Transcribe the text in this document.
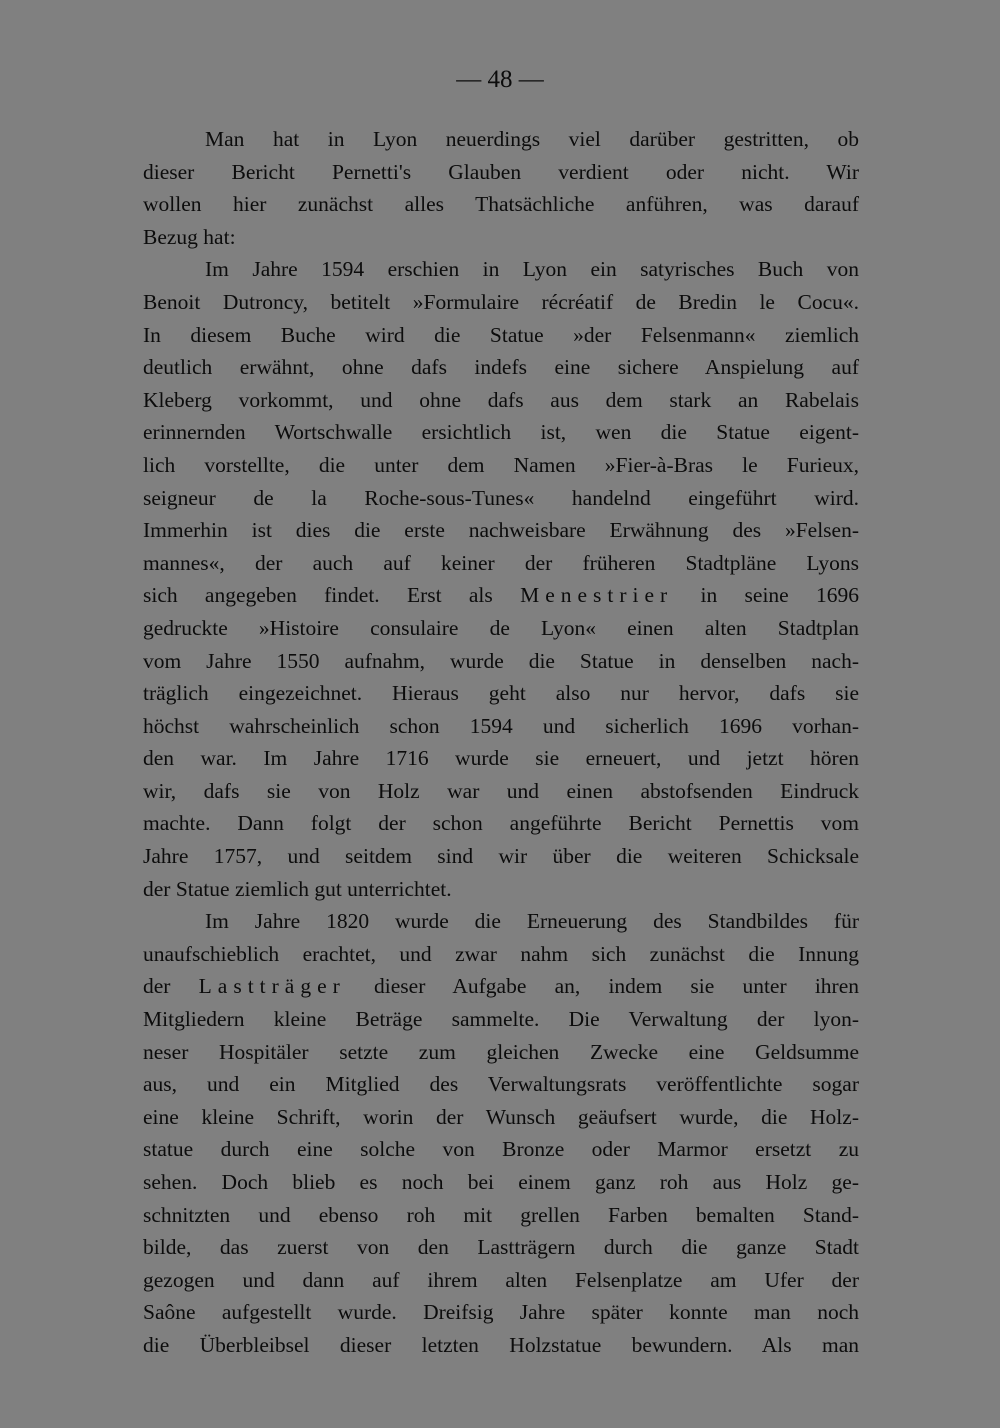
— 48 —
Man hat in Lyon neuerdings viel darüber gestritten, ob
dieser Bericht Pernetti's Glauben verdient oder nicht. Wir
wollen hier zunächst alles Thatsächliche anführen, was darauf
Bezug hat:
Im Jahre 1594 erschien in Lyon ein satyrisches Buch von
Benoit Dutroncy, betitelt »Formulaire récréatif de Bredin le Cocu«.
In diesem Buche wird die Statue »der Felsenmann« ziemlich
deutlich erwähnt, ohne dafs indefs eine sichere Anspielung auf
Kleberg vorkommt, und ohne dafs aus dem stark an Rabelais
erinnernden Wortschwalle ersichtlich ist, wen die Statue eigent-
lich vorstellte, die unter dem Namen »Fier-à-Bras le Furieux,
seigneur de la Roche-sous-Tunes« handelnd eingeführt wird.
Immerhin ist dies die erste nachweisbare Erwähnung des »Felsen-
mannes«, der auch auf keiner der früheren Stadtpläne Lyons
sich angegeben findet. Erst als Menestrier in seine 1696
gedruckte »Histoire consulaire de Lyon« einen alten Stadtplan
vom Jahre 1550 aufnahm, wurde die Statue in denselben nach-
träglich eingezeichnet. Hieraus geht also nur hervor, dafs sie
höchst wahrscheinlich schon 1594 und sicherlich 1696 vorhan-
den war. Im Jahre 1716 wurde sie erneuert, und jetzt hören
wir, dafs sie von Holz war und einen abstofsenden Eindruck
machte. Dann folgt der schon angeführte Bericht Pernettis vom
Jahre 1757, und seitdem sind wir über die weiteren Schicksale
der Statue ziemlich gut unterrichtet.
Im Jahre 1820 wurde die Erneuerung des Standbildes für
unaufschieblich erachtet, und zwar nahm sich zunächst die Innung
der Lastträger dieser Aufgabe an, indem sie unter ihren
Mitgliedern kleine Beträge sammelte. Die Verwaltung der lyon-
neser Hospitäler setzte zum gleichen Zwecke eine Geldsumme
aus, und ein Mitglied des Verwaltungsrats veröffentlichte sogar
eine kleine Schrift, worin der Wunsch geäufsert wurde, die Holz-
statue durch eine solche von Bronze oder Marmor ersetzt zu
sehen. Doch blieb es noch bei einem ganz roh aus Holz ge-
schnitzten und ebenso roh mit grellen Farben bemalten Stand-
bilde, das zuerst von den Lastträgern durch die ganze Stadt
gezogen und dann auf ihrem alten Felsenplatze am Ufer der
Saône aufgestellt wurde. Dreifsig Jahre später konnte man noch
die Überbleibsel dieser letzten Holzstatue bewundern. Als man
